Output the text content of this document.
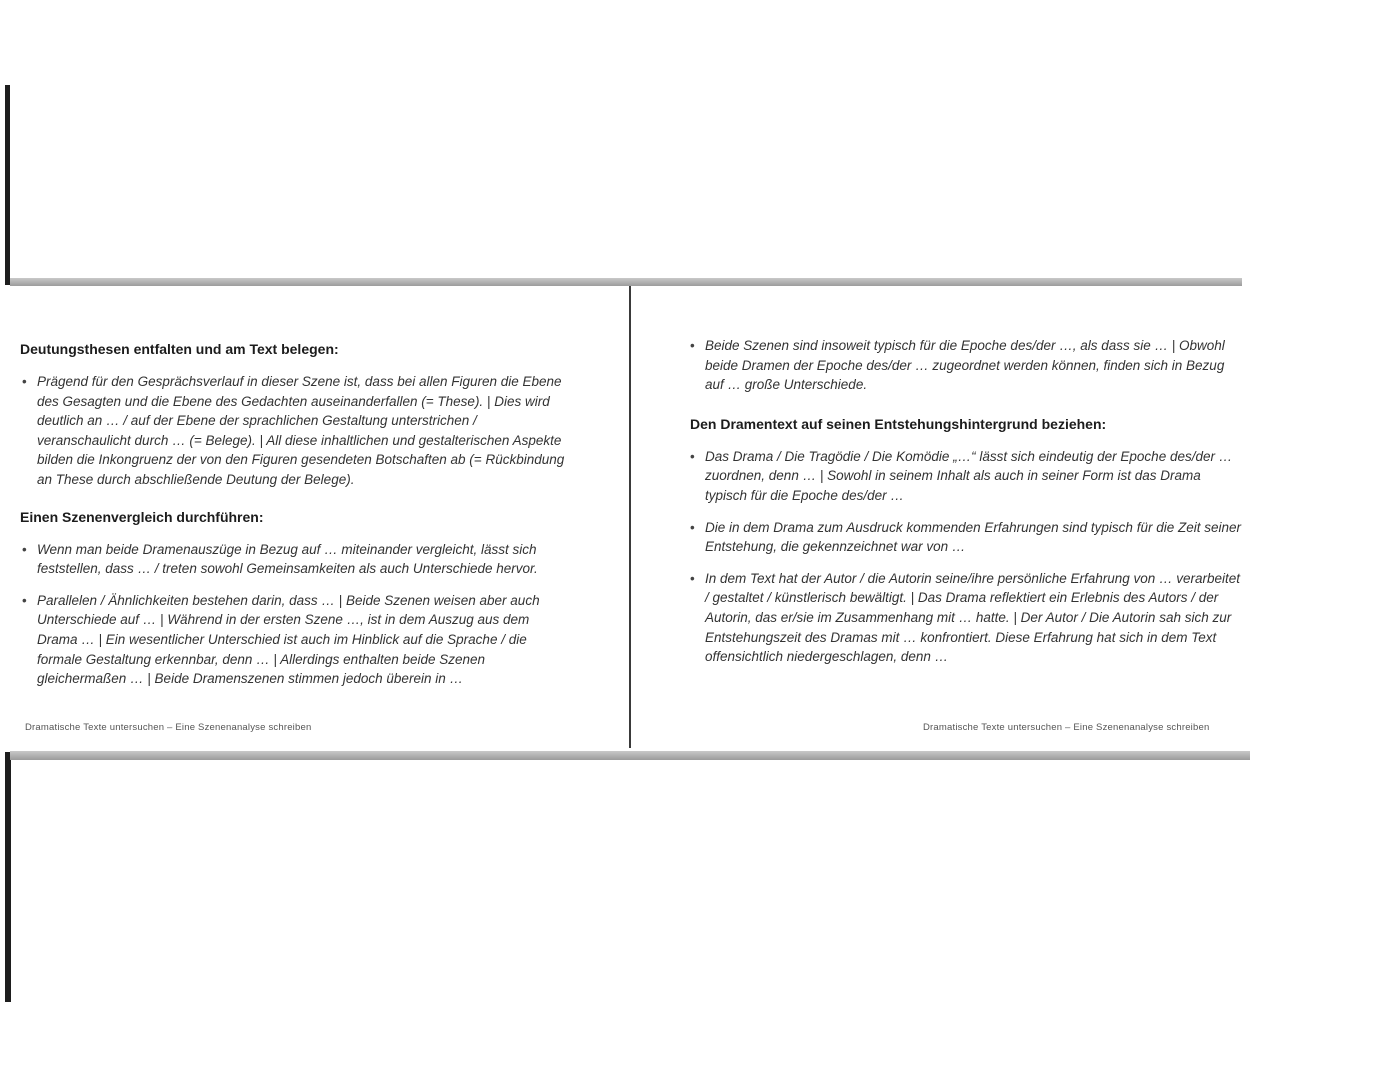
Deutungsthesen entfalten und am Text belegen:
• Prägend für den Gesprächsverlauf in dieser Szene ist, dass bei allen Figuren die Ebene des Gesagten und die Ebene des Gedachten auseinanderfallen (= These). | Dies wird deutlich an … / auf der Ebene der sprachlichen Gestaltung unterstrichen / veranschaulicht durch … (= Belege). | All diese inhaltlichen und gestalterischen Aspekte bilden die Inkongruenz der von den Figuren gesendeten Botschaften ab (= Rückbindung an These durch abschließende Deutung der Belege).
Einen Szenenvergleich durchführen:
• Wenn man beide Dramenauszüge in Bezug auf … miteinander vergleicht, lässt sich feststellen, dass … / treten sowohl Gemeinsamkeiten als auch Unterschiede hervor.
• Parallelen / Ähnlichkeiten bestehen darin, dass … | Beide Szenen weisen aber auch Unterschiede auf … | Während in der ersten Szene …, ist in dem Auszug aus dem Drama … | Ein wesentlicher Unterschied ist auch im Hinblick auf die Sprache / die formale Gestaltung erkennbar, denn … | Allerdings enthalten beide Szenen gleichermaßen … | Beide Dramenszenen stimmen jedoch überein in …
Dramatische Texte untersuchen – Eine Szenenanalyse schreiben
• Beide Szenen sind insoweit typisch für die Epoche des/der …, als dass sie … | Obwohl beide Dramen der Epoche des/der … zugeordnet werden können, finden sich in Bezug auf … große Unterschiede.
Den Dramentext auf seinen Entstehungshintergrund beziehen:
• Das Drama / Die Tragödie / Die Komödie „…“ lässt sich eindeutig der Epoche des/der … zuordnen, denn … | Sowohl in seinem Inhalt als auch in seiner Form ist das Drama typisch für die Epoche des/der …
• Die in dem Drama zum Ausdruck kommenden Erfahrungen sind typisch für die Zeit seiner Entstehung, die gekennzeichnet war von …
• In dem Text hat der Autor / die Autorin seine/ihre persönliche Erfahrung von … verarbeitet / gestaltet / künstlerisch bewältigt. | Das Drama reflektiert ein Erlebnis des Autors / der Autorin, das er/sie im Zusammenhang mit … hatte. | Der Autor / Die Autorin sah sich zur Entstehungszeit des Dramas mit … konfrontiert. Diese Erfahrung hat sich in dem Text offensichtlich niedergeschlagen, denn …
Dramatische Texte untersuchen – Eine Szenenanalyse schreiben
